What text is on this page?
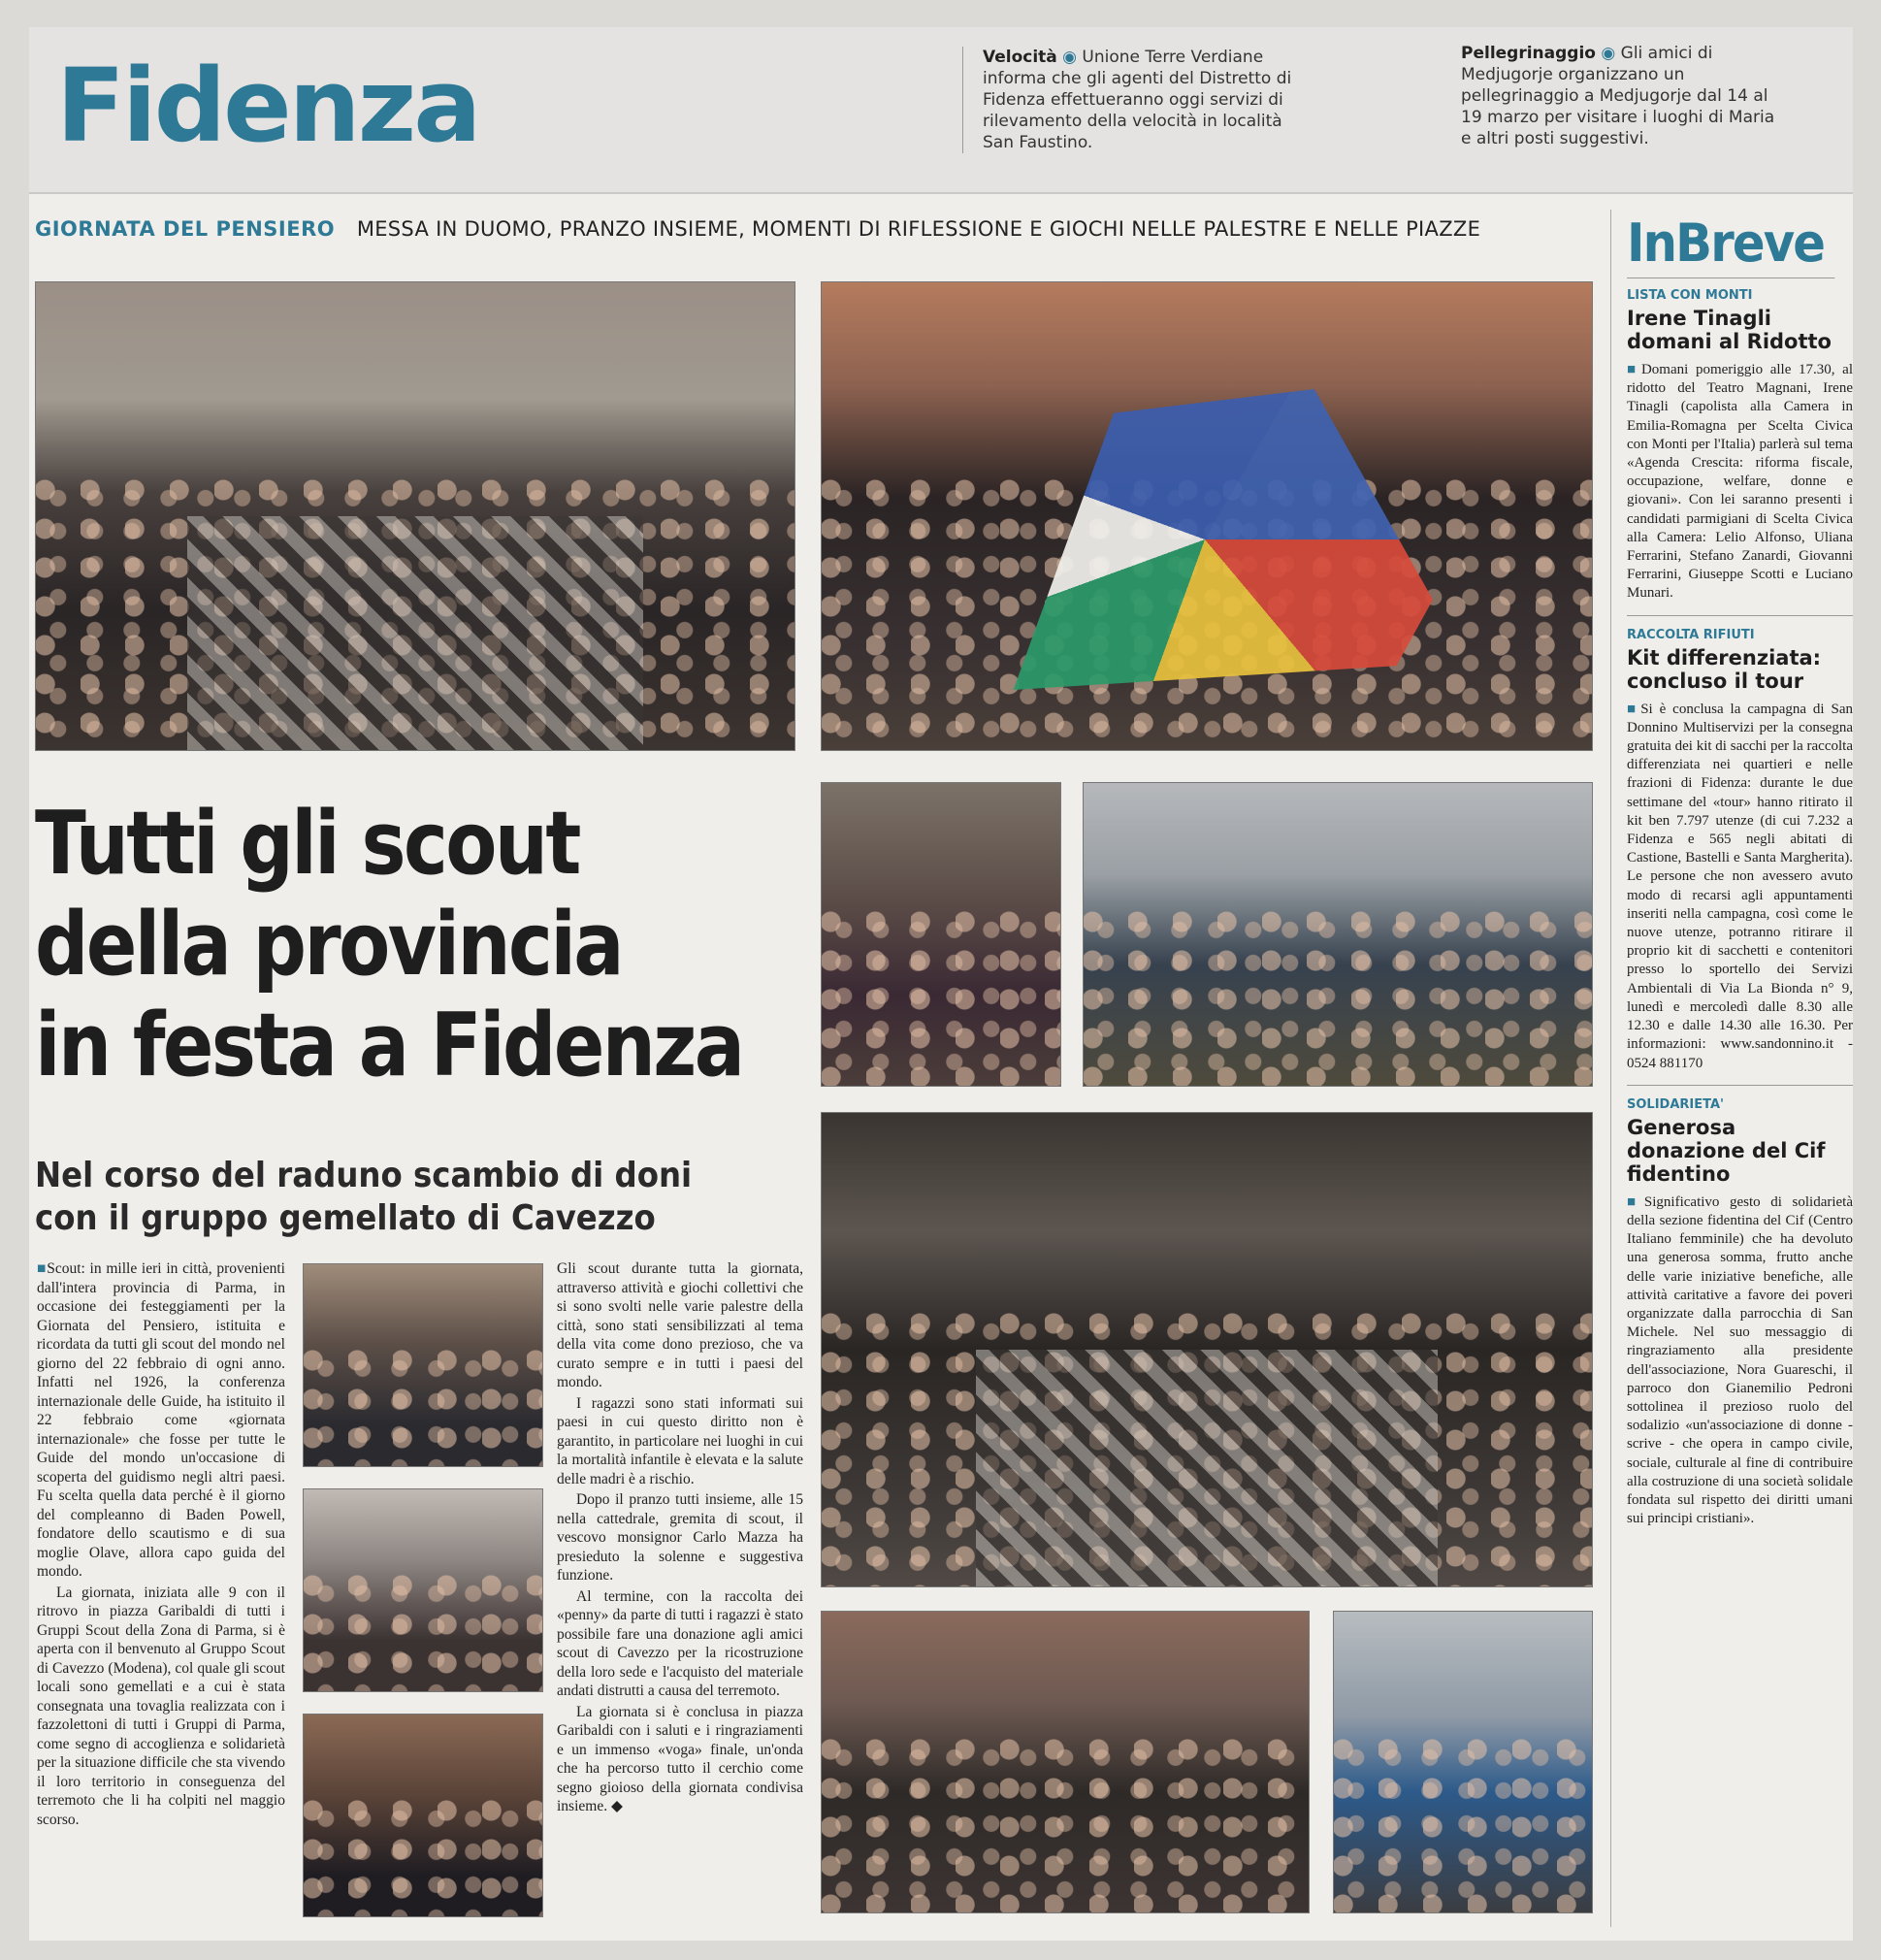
Fidenza	Velocità ◉ Unione Terre Verdiane informa che gli agenti del Distretto di Fidenza effettueranno oggi servizi di rilevamento della velocità in località San Faustino.
Pellegrinaggio ◉ Gli amici di Medjugorje organizzano un pellegrinaggio a Medjugorje dal 14 al 19 marzo per visitare i luoghi di Maria e altri posti suggestivi.
GIORNATA DEL PENSIERO MESSA IN DUOMO, PRANZO INSIEME, MOMENTI DI RIFLESSIONE E GIOCHI NELLE PALESTRE E NELLE PIAZZE
Tutti gli scout
della provincia
in festa a Fidenza
Nel corso del raduno scambio di doni
con il gruppo gemellato di Cavezzo

■Scout: in mille ieri in città, provenienti dall'intera provincia di Parma, in occasione dei festeggiamenti per la Giornata del Pensiero, istituita e ricordata da tutti gli scout del mondo nel giorno del 22 febbraio di ogni anno. Infatti nel 1926, la conferenza internazionale delle Guide, ha istituito il 22 febbraio come «giornata internazionale» che fosse per tutte le Guide del mondo un'occasione di scoperta del guidismo negli altri paesi. Fu scelta quella data perché è il giorno del compleanno di Baden Powell, fondatore dello scautismo e di sua moglie Olave, allora capo guida del mondo.

La giornata, iniziata alle 9 con il ritrovo in piazza Garibaldi di tutti i Gruppi Scout della Zona di Parma, si è aperta con il benvenuto al Gruppo Scout di Cavezzo (Modena), col quale gli scout locali sono gemellati e a cui è stata consegnata una tovaglia realizzata con i fazzolettoni di tutti i Gruppi di Parma, come segno di accoglienza e solidarietà per la situazione difficile che sta vivendo il loro territorio in conseguenza del terremoto che li ha colpiti nel maggio scorso.

Gli scout durante tutta la giornata, attraverso attività e giochi collettivi che si sono svolti nelle varie palestre della città, sono stati sensibilizzati al tema della vita come dono prezioso, che va curato sempre e in tutti i paesi del mondo.

I ragazzi sono stati informati sui paesi in cui questo diritto non è garantito, in particolare nei luoghi in cui la mortalità infantile è elevata e la salute delle madri è a rischio.

Dopo il pranzo tutti insieme, alle 15 nella cattedrale, gremita di scout, il vescovo monsignor Carlo Mazza ha presieduto la solenne e suggestiva funzione.

Al termine, con la raccolta dei «penny» da parte di tutti i ragazzi è stato possibile fare una donazione agli amici scout di Cavezzo per la ricostruzione della loro sede e l'acquisto del materiale andati distrutti a causa del terremoto.

La giornata si è conclusa in piazza Garibaldi con i saluti e i ringraziamenti e un immenso «voga» finale, un'onda che ha percorso tutto il cerchio come segno gioioso della giornata condivisa insieme. ◆

InBreve
LISTA CON MONTI
Irene Tinagli domani al Ridotto
■ Domani pomeriggio alle 17.30, al ridotto del Teatro Magnani, Irene Tinagli (capolista alla Camera in Emilia-Romagna per Scelta Civica con Monti per l'Italia) parlerà sul tema «Agenda Crescita: riforma fiscale, occupazione, welfare, donne e giovani». Con lei saranno presenti i candidati parmigiani di Scelta Civica alla Camera: Lelio Alfonso, Uliana Ferrarini, Stefano Zanardi, Giovanni Ferrarini, Giuseppe Scotti e Luciano Munari.
RACCOLTA RIFIUTI
Kit differenziata: concluso il tour
■ Si è conclusa la campagna di San Donnino Multiservizi per la consegna gratuita dei kit di sacchi per la raccolta differenziata nei quartieri e nelle frazioni di Fidenza: durante le due settimane del «tour» hanno ritirato il kit ben 7.797 utenze (di cui 7.232 a Fidenza e 565 negli abitati di Castione, Bastelli e Santa Margherita). Le persone che non avessero avuto modo di recarsi agli appuntamenti inseriti nella campagna, così come le nuove utenze, potranno ritirare il proprio kit di sacchetti e contenitori presso lo sportello dei Servizi Ambientali di Via La Bionda n° 9, lunedì e mercoledì dalle 8.30 alle 12.30 e dalle 14.30 alle 16.30. Per informazioni: www.sandonnino.it - 0524 881170
SOLIDARIETA'
Generosa donazione del Cif fidentino
■ Significativo gesto di solidarietà della sezione fidentina del Cif (Centro Italiano femminile) che ha devoluto una generosa somma, frutto anche delle varie iniziative benefiche, alle attività caritative a favore dei poveri organizzate dalla parrocchia di San Michele. Nel suo messaggio di ringraziamento alla presidente dell'associazione, Nora Guareschi, il parroco don Gianemilio Pedroni sottolinea il prezioso ruolo del sodalizio «un'associazione di donne - scrive - che opera in campo civile, sociale, culturale al fine di contribuire alla costruzione di una società solidale fondata sul rispetto dei diritti umani sui principi cristiani».
